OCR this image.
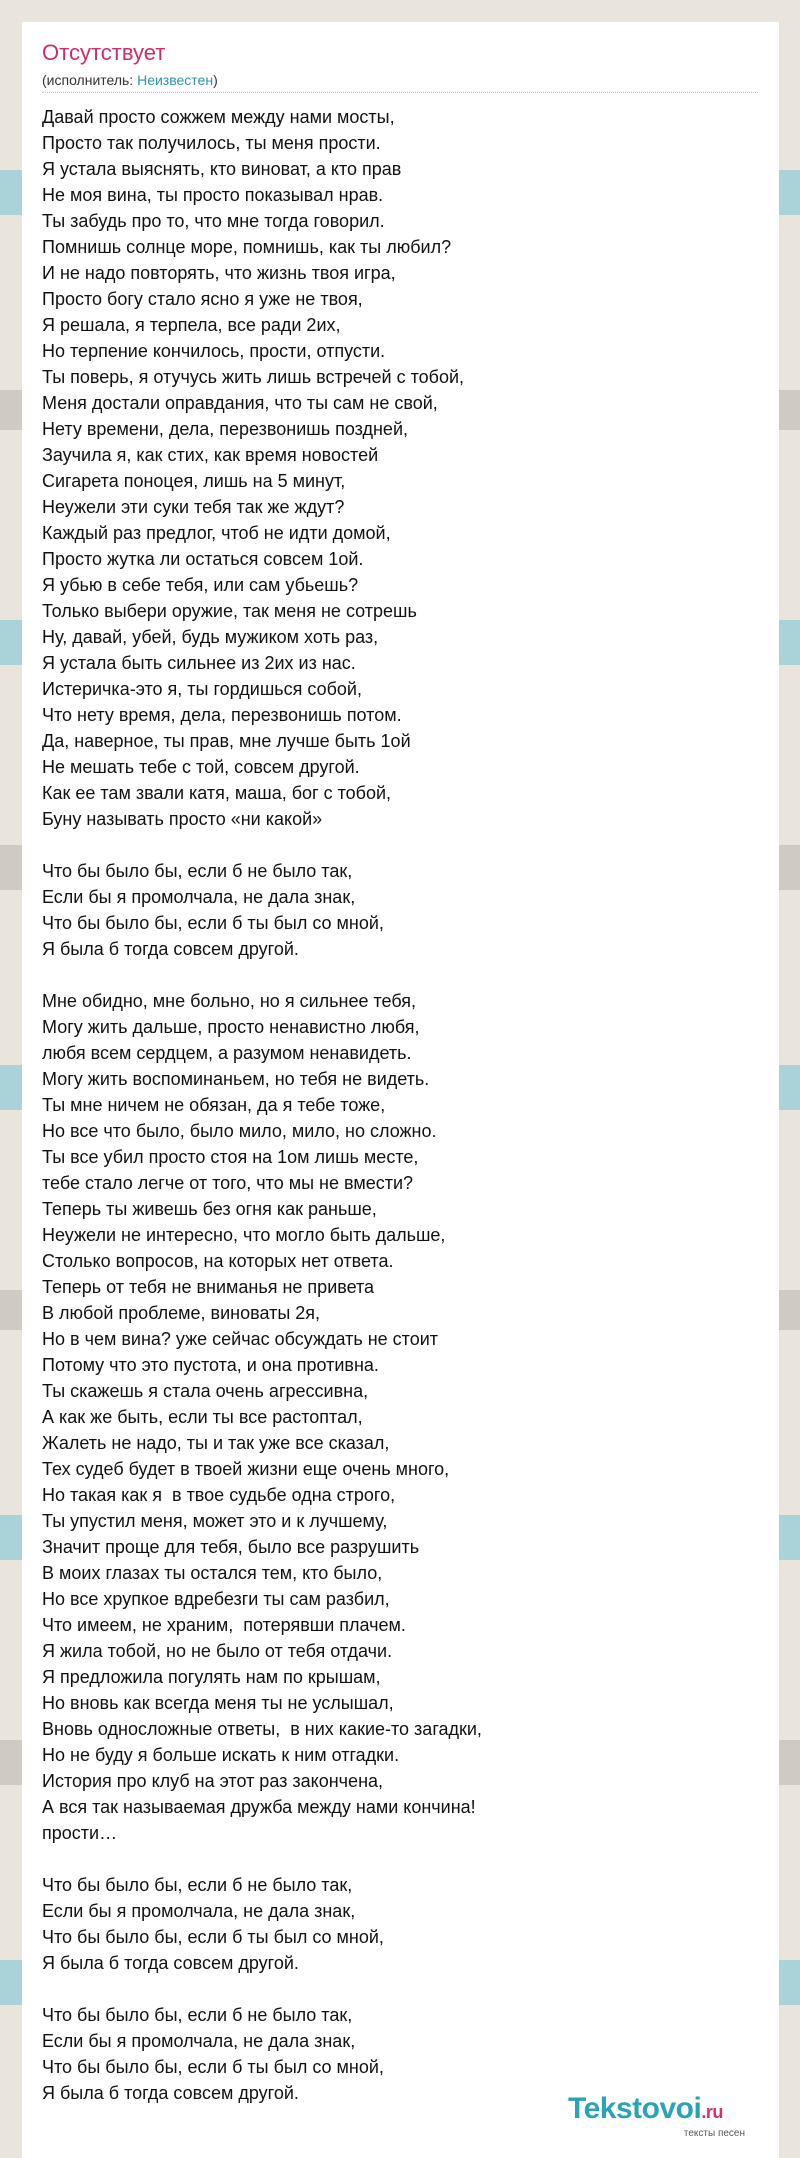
Отсутствует
(исполнитель: Неизвестен)
Давай просто сожжем между нами мосты,
Просто так получилось, ты меня прости.
Я устала выяснять, кто виноват, а кто прав
Не моя вина, ты просто показывал нрав.
Ты забудь про то, что мне тогда говорил.
Помнишь солнце море, помнишь, как ты любил?
И не надо повторять, что жизнь твоя игра,
Просто богу стало ясно я уже не твоя,
Я решала, я терпела, все ради 2их,
Но терпение кончилось, прости, отпусти.
Ты поверь, я отучусь жить лишь встречей с тобой,
Меня достали оправдания, что ты сам не свой,
Нету времени, дела, перезвонишь поздней,
Заучила я, как стих, как время новостей
Сигарета поноцея, лишь на 5 минут,
Неужели эти суки тебя так же ждут?
Каждый раз предлог, чтоб не идти домой,
Просто жутка ли остаться совсем 1ой.
Я убью в себе тебя, или сам убьешь?
Только выбери оружие, так меня не сотрешь
Ну, давай, убей, будь мужиком хоть раз,
Я устала быть сильнее из 2их из нас.
Истеричка-это я, ты гордишься собой,
Что нету время, дела, перезвонишь потом.
Да, наверное, ты прав, мне лучше быть 1ой
Не мешать тебе с той, совсем другой.
Как ее там звали катя, маша, бог с тобой,
Буну называть просто «ни какой»
Что бы было бы, если б не было так,
Если бы я промолчала, не дала знак,
Что бы было бы, если б ты был со мной,
Я была б тогда совсем другой.
Мне обидно, мне больно, но я сильнее тебя,
Могу жить дальше, просто ненавистно любя,
любя всем сердцем, а разумом ненавидеть.
Могу жить воспоминаньем, но тебя не видеть.
Ты мне ничем не обязан, да я тебе тоже,
Но все что было, было мило, мило, но сложно.
Ты все убил просто стоя на 1ом лишь месте,
тебе стало легче от того, что мы не вмести?
Теперь ты живешь без огня как раньше,
Неужели не интересно, что могло быть дальше,
Столько вопросов, на которых нет ответа.
Теперь от тебя не вниманья не привета
В любой проблеме, виноваты 2я,
Но в чем вина? уже сейчас обсуждать не стоит
Потому что это пустота, и она противна.
Ты скажешь я стала очень агрессивна,
А как же быть, если ты все растоптал,
Жалеть не надо, ты и так уже все сказал,
Тех судеб будет в твоей жизни еще очень много,
Но такая как я  в твое судьбе одна строго,
Ты упустил меня, может это и к лучшему,
Значит проще для тебя, было все разрушить
В моих глазах ты остался тем, кто было,
Но все хрупкое вдребезги ты сам разбил,
Что имеем, не храним,  потерявши плачем.
Я жила тобой, но не было от тебя отдачи.
Я предложила погулять нам по крышам,
Но вновь как всегда меня ты не услышал,
Вновь односложные ответы,  в них какие-то загадки,
Но не буду я больше искать к ним отгадки.
История про клуб на этот раз закончена,
А вся так называемая дружба между нами кончина!
прости…
Что бы было бы, если б не было так,
Если бы я промолчала, не дала знак,
Что бы было бы, если б ты был со мной,
Я была б тогда совсем другой.
Что бы было бы, если б не было так,
Если бы я промолчала, не дала знак,
Что бы было бы, если б ты был со мной,
Я была б тогда совсем другой.	Tekstovoi.ru
тексты песен
